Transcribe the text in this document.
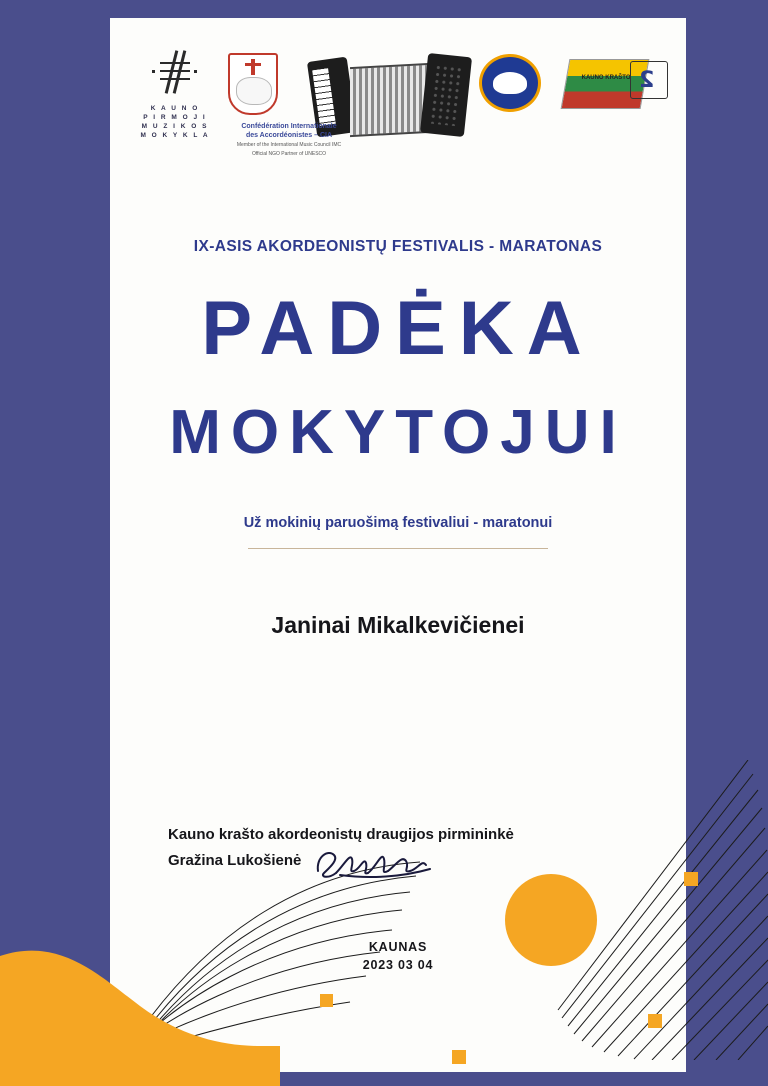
K A U N O
P I R M O J I
M U Z I K O S
M O K Y K L A
KAUNO KRAŠTO 2
Confédération Internationale
des Accordéonistes – CIA
Member of the International Music Council IMC
Official NGO Partner of UNESCO
IX-ASIS AKORDEONISTŲ FESTIVALIS - MARATONAS
PADĖKA
MOKYTOJUI
Už mokinių paruošimą festivaliui - maratonui
Janinai Mikalkevičienei
Kauno krašto akordeonistų draugijos pirmininkė
Gražina Lukošienė
KAUNAS
2023 03 04
